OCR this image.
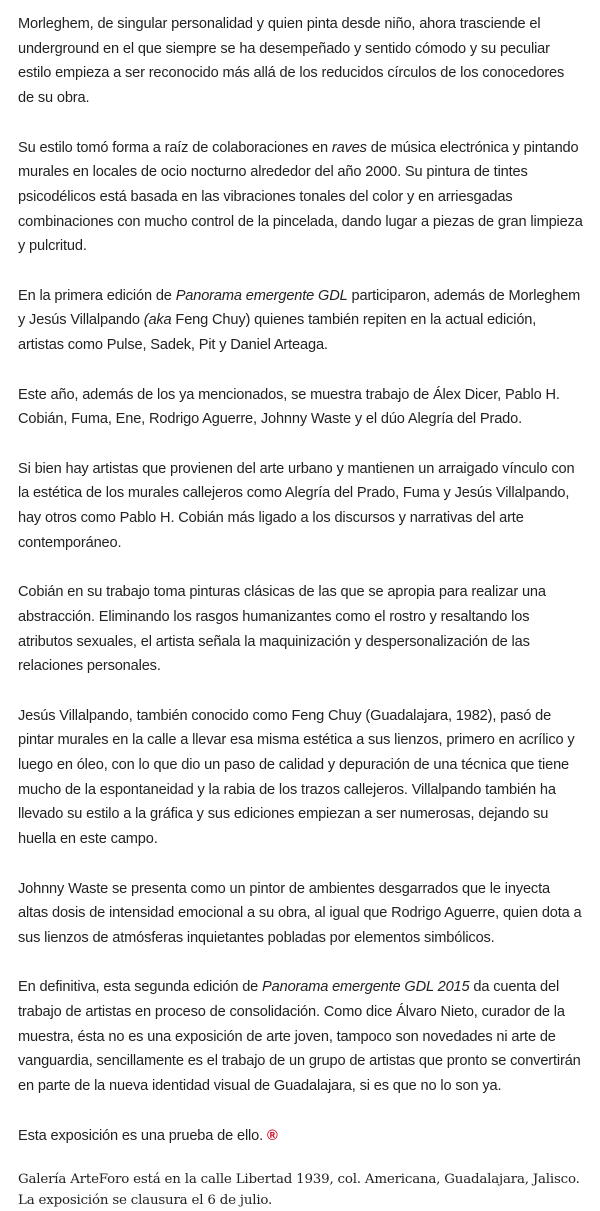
Morleghem, de singular personalidad y quien pinta desde niño, ahora trasciende el underground en el que siempre se ha desempeñado y sentido cómodo y su peculiar estilo empieza a ser reconocido más allá de los reducidos círculos de los conocedores de su obra.

Su estilo tomó forma a raíz de colaboraciones en raves de música electrónica y pintando murales en locales de ocio nocturno alrededor del año 2000. Su pintura de tintes psicodélicos está basada en las vibraciones tonales del color y en arriesgadas combinaciones con mucho control de la pincelada, dando lugar a piezas de gran limpieza y pulcritud.

En la primera edición de Panorama emergente GDL participaron, además de Morleghem y Jesús Villalpando (aka Feng Chuy) quienes también repiten en la actual edición, artistas como Pulse, Sadek, Pit y Daniel Arteaga.

Este año, además de los ya mencionados, se muestra trabajo de Álex Dicer, Pablo H. Cobián, Fuma, Ene, Rodrigo Aguerre, Johnny Waste y el dúo Alegría del Prado.

Si bien hay artistas que provienen del arte urbano y mantienen un arraigado vínculo con la estética de los murales callejeros como Alegría del Prado, Fuma y Jesús Villalpando, hay otros como Pablo H. Cobián más ligado a los discursos y narrativas del arte contemporáneo.

Cobián en su trabajo toma pinturas clásicas de las que se apropia para realizar una abstracción. Eliminando los rasgos humanizantes como el rostro y resaltando los atributos sexuales, el artista señala la maquinización y despersonalización de las relaciones personales.

Jesús Villalpando, también conocido como Feng Chuy (Guadalajara, 1982), pasó de pintar murales en la calle a llevar esa misma estética a sus lienzos, primero en acrílico y luego en óleo, con lo que dio un paso de calidad y depuración de una técnica que tiene mucho de la espontaneidad y la rabia de los trazos callejeros. Villalpando también ha llevado su estilo a la gráfica y sus ediciones empiezan a ser numerosas, dejando su huella en este campo.

Johnny Waste se presenta como un pintor de ambientes desgarrados que le inyecta altas dosis de intensidad emocional a su obra, al igual que Rodrigo Aguerre, quien dota a sus lienzos de atmósferas inquietantes pobladas por elementos simbólicos.

En definitiva, esta segunda edición de Panorama emergente GDL 2015 da cuenta del trabajo de artistas en proceso de consolidación. Como dice Álvaro Nieto, curador de la muestra, ésta no es una exposición de arte joven, tampoco son novedades ni arte de vanguardia, sencillamente es el trabajo de un grupo de artistas que pronto se convertirán en parte de la nueva identidad visual de Guadalajara, si es que no lo son ya.

Esta exposición es una prueba de ello. ®

Galería ArteForo está en la calle Libertad 1939, col. Americana, Guadalajara, Jalisco. La exposición se clausura el 6 de julio.
